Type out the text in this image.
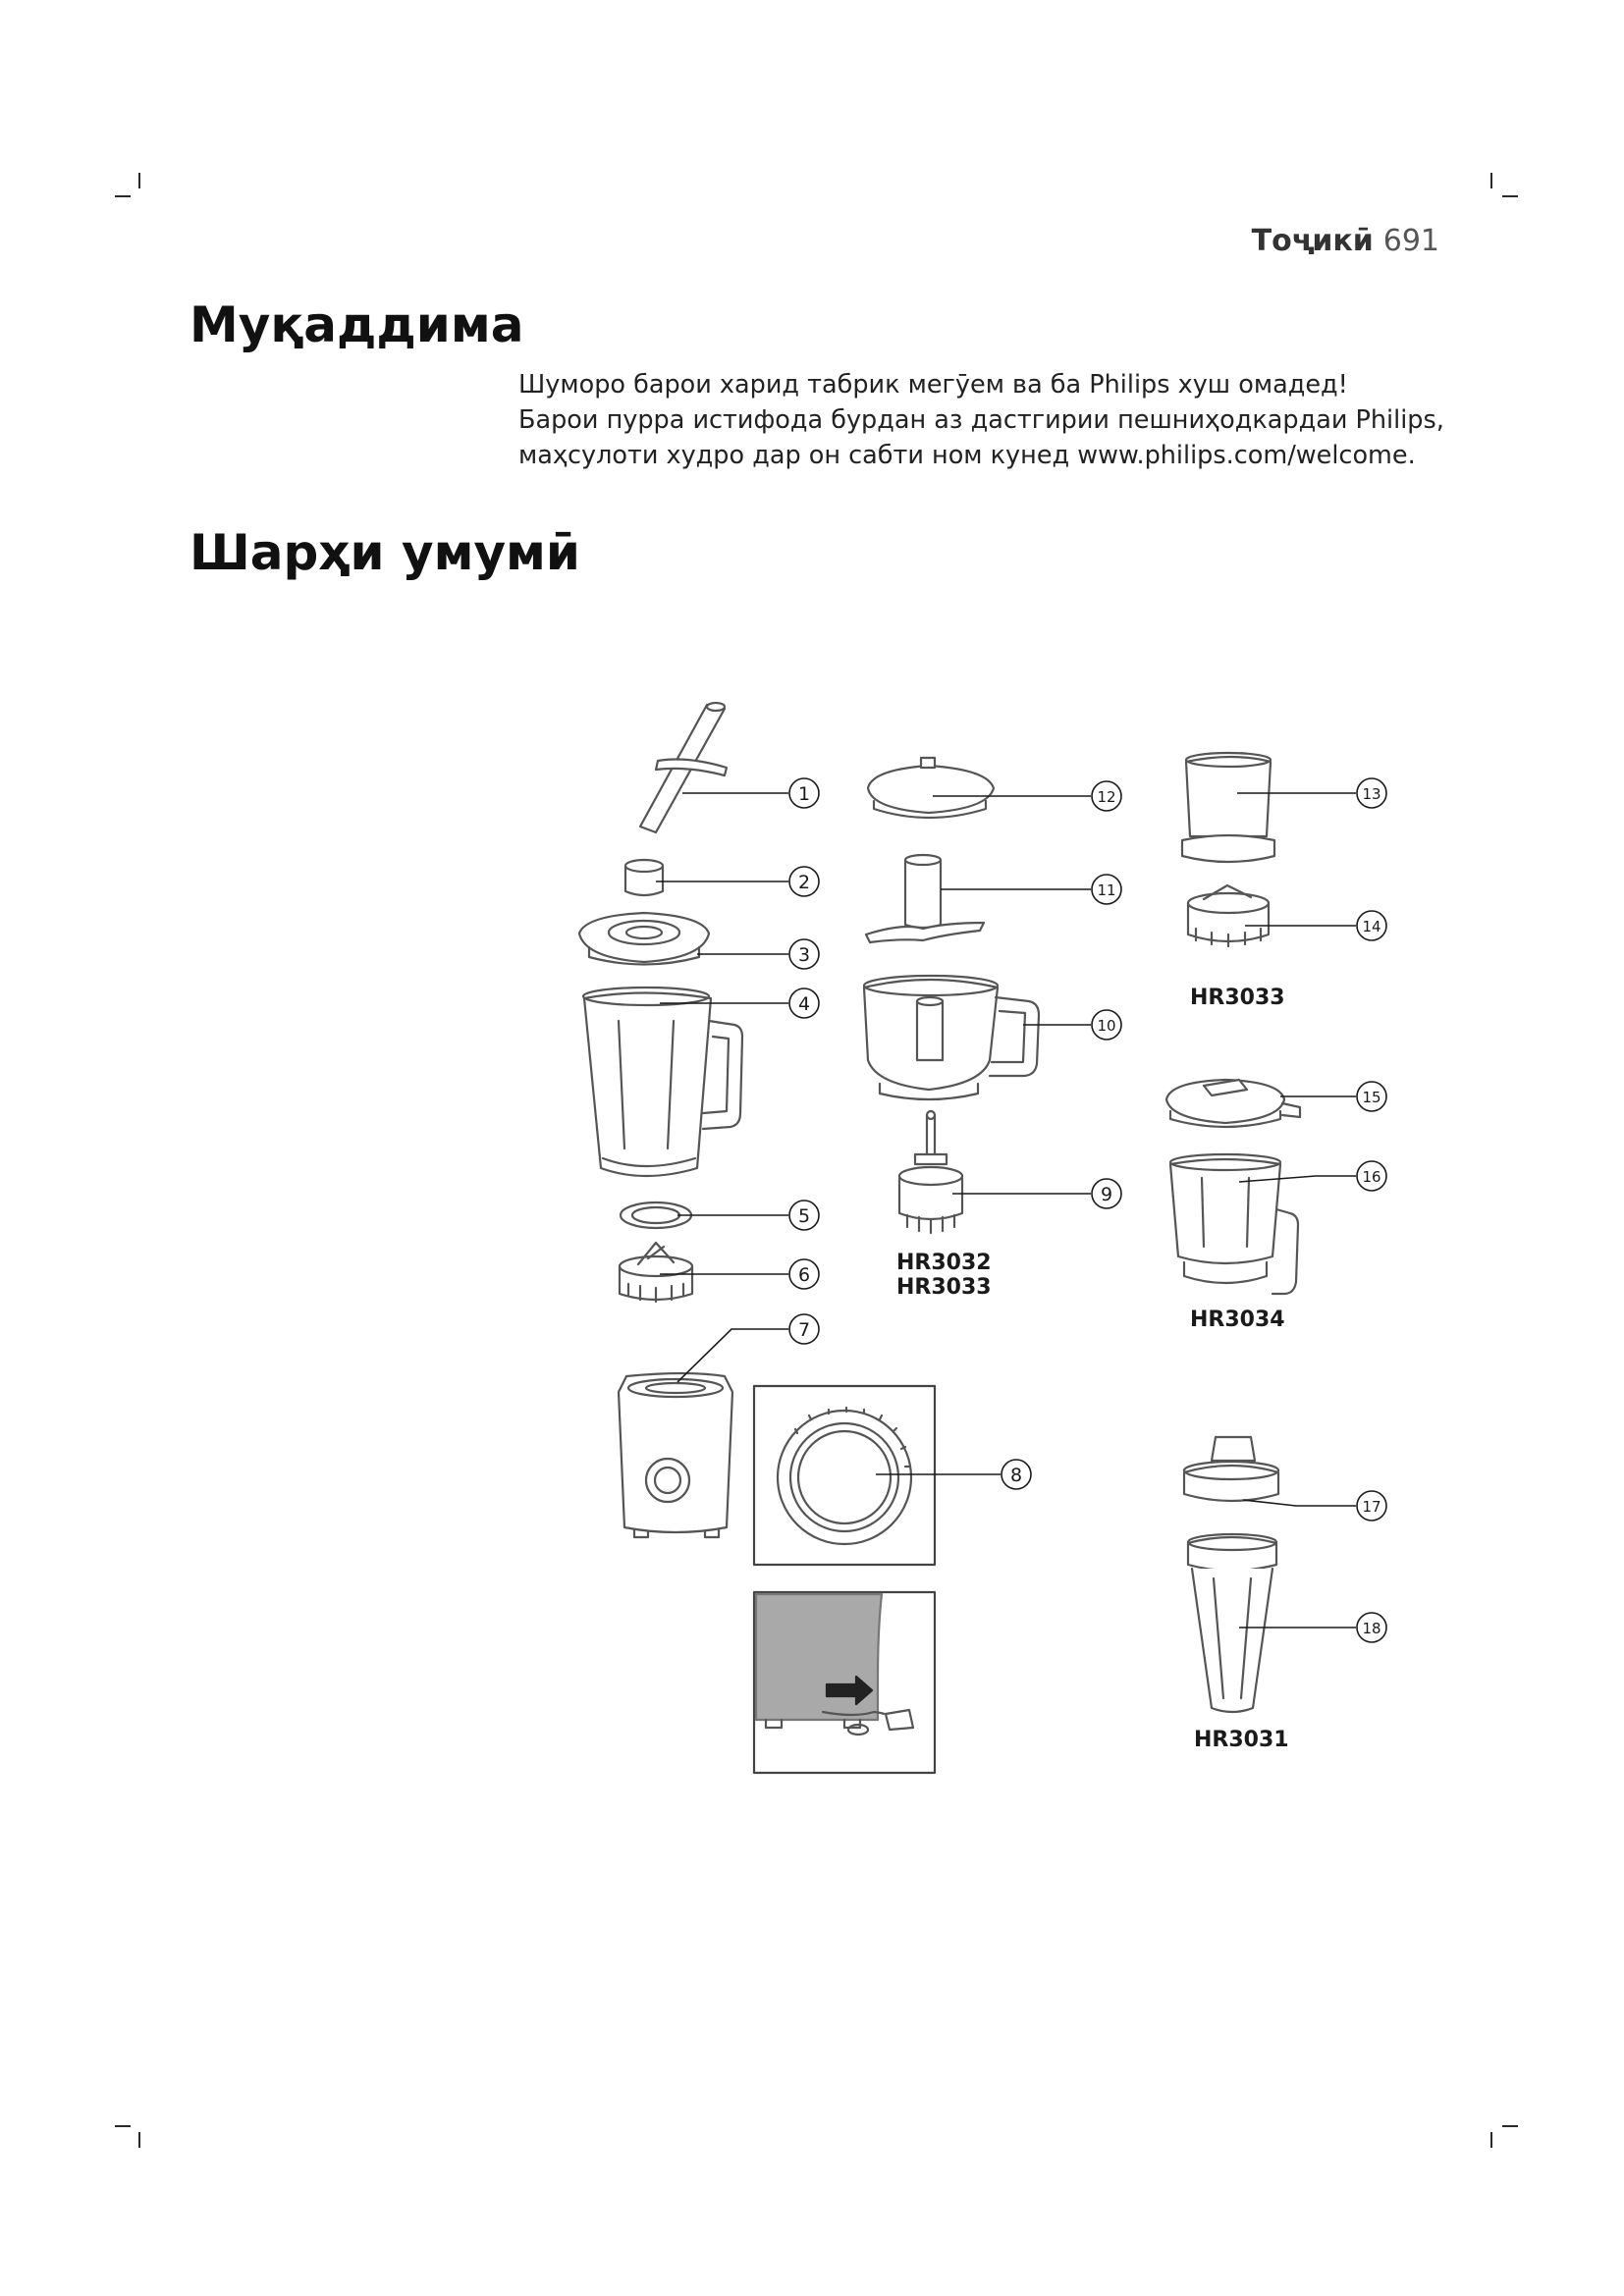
Тоҷикӣ 691
Муқаддима

Шуморо барои харид табрик мегӯем ва ба Philips хуш омадед!

Барои пурра истифода бурдан аз дастгирии пешниҳодкардаи Philips,

маҳсулоти худро дар он сабти ном кунед www.philips.com/welcome.

Шарҳи умумӣ
1
2
3
4
5
6
7
8
9
10
11
12	13
14
15
16
17
18
HR3033
HR3032
HR3033
HR3034
HR3031
